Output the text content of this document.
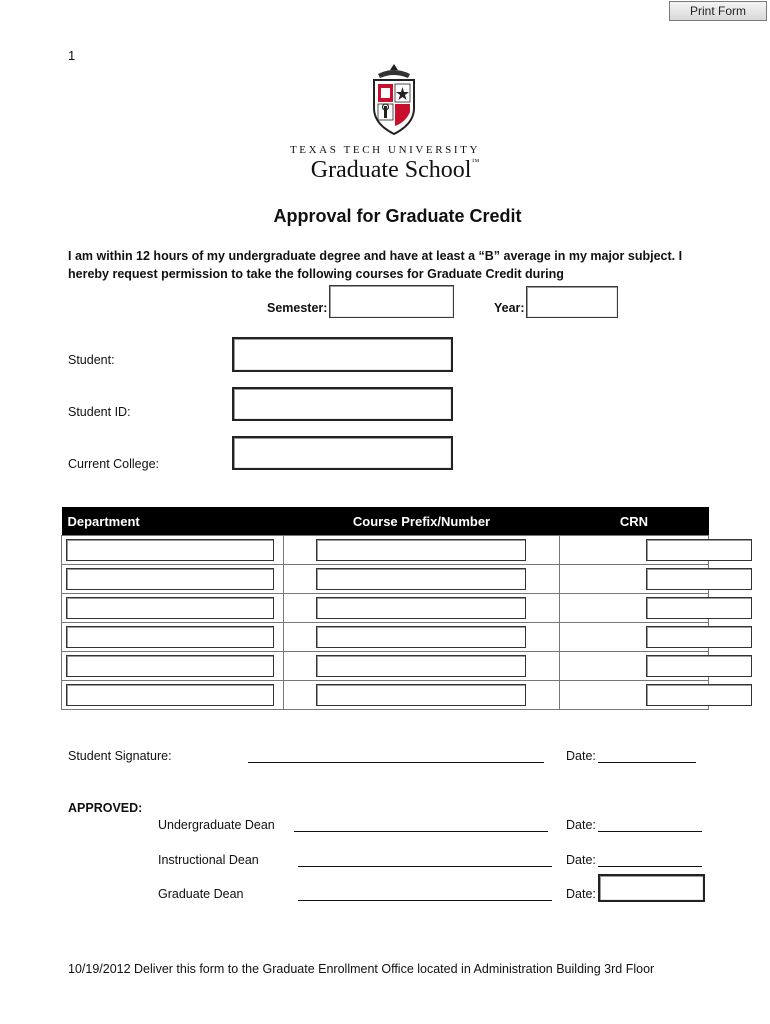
Print Form
1
TEXAS TECH UNIVERSITY
Graduate School™
Approval for Graduate Credit
I am within 12 hours of my undergraduate degree and have at least a “B” average in my major subject. I hereby request permission to take the following courses for Graduate Credit during
Semester:	Year:
Student:
Student ID:
Current College:
Department	Course Prefix/Number	CRN

Student Signature:	Date:
APPROVED:
Undergraduate Dean	Date:
Instructional Dean	Date:
Graduate Dean	Date:
10/19/2012 Deliver this form to the Graduate Enrollment Office located in Administration Building 3rd Floor
